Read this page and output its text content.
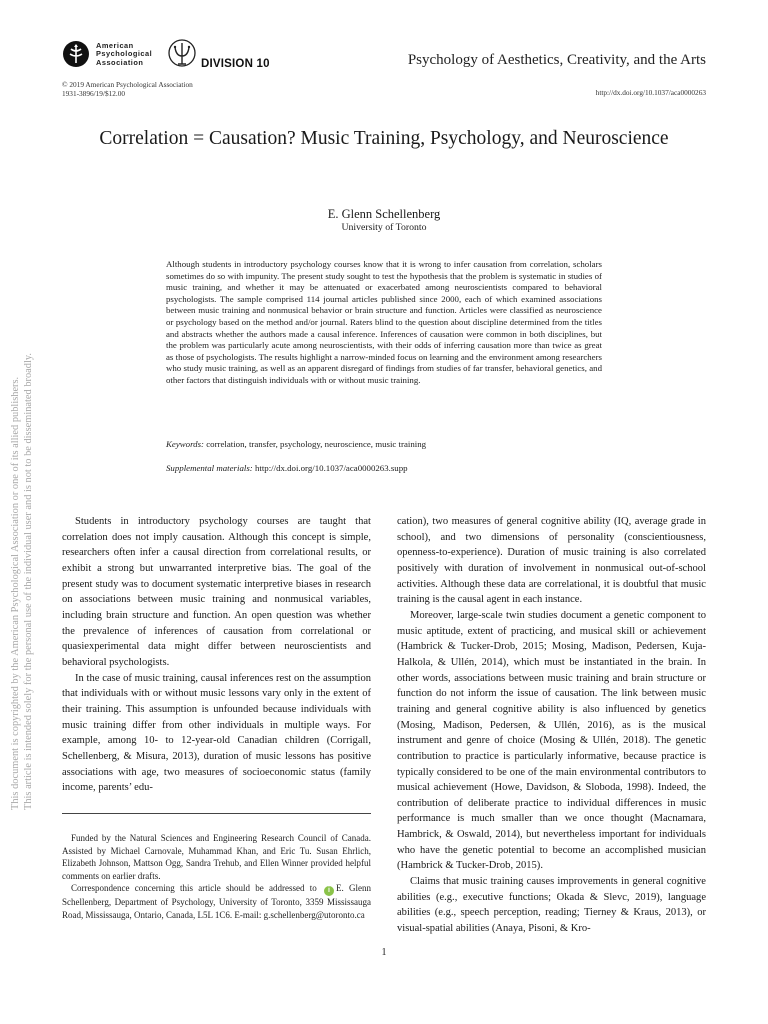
American
Psychological
Association	DIVISION 10	Psychology of Aesthetics, Creativity, and the Arts
© 2019 American Psychological Association
1931-3896/19/$12.00	http://dx.doi.org/10.1037/aca0000263
Correlation = Causation? Music Training, Psychology, and Neuroscience
E. Glenn Schellenberg
University of Toronto
Although students in introductory psychology courses know that it is wrong to infer causation from correlation, scholars sometimes do so with impunity. The present study sought to test the hypothesis that the problem is systematic in studies of music training, and whether it may be attenuated or exacerbated among neuroscientists compared to behavioral psychologists. The sample comprised 114 journal articles published since 2000, each of which examined associations between music training and nonmusical behavior or brain structure and function. Articles were classified as neuroscience or psychology based on the method and/or journal. Raters blind to the question about discipline determined from the titles and abstracts whether the authors made a causal inference. Inferences of causation were common in both disciplines, but the problem was particularly acute among neuroscientists, with their odds of inferring causation more than twice as great as those of psychologists. The results highlight a narrow-minded focus on learning and the environment among researchers who study music training, as well as an apparent disregard of findings from studies of far transfer, behavioral genetics, and other factors that distinguish individuals with or without music training.
Keywords: correlation, transfer, psychology, neuroscience, music training
Supplemental materials: http://dx.doi.org/10.1037/aca0000263.supp
This document is copyrighted by the American Psychological Association or one of its allied publishers. This article is intended solely for the personal use of the individual user and is not to be disseminated broadly.	Students in introductory psychology courses are taught that correlation does not imply causation. Although this concept is simple, researchers often infer a causal direction from correlational results, or exhibit a strong but unwarranted interpretive bias. The goal of the present study was to document systematic interpretive biases in research on associations between music training and nonmusical variables, including brain structure and function. An open question was whether the prevalence of inferences of causation from correlational or quasiexperimental data might differ between neuroscientists and behavioral psychologists.

In the case of music training, causal inferences rest on the assumption that individuals with or without music lessons vary only in the extent of their training. This assumption is unfounded because individuals with music training differ from other individuals in multiple ways. For example, among 10- to 12-year-old Canadian children (Corrigall, Schellenberg, & Misura, 2013), duration of music lessons has positive associations with age, two measures of socioeconomic status (family income, parents’ edu-

cation), two measures of general cognitive ability (IQ, average grade in school), and two dimensions of personality (conscientiousness, openness-to-experience). Duration of music training is also correlated positively with duration of involvement in nonmusical out-of-school activities. Although these data are correlational, it is doubtful that music training is the causal agent in each instance.

Moreover, large-scale twin studies document a genetic component to music aptitude, extent of practicing, and musical skill or achievement (Hambrick & Tucker-Drob, 2015; Mosing, Madison, Pedersen, Kuja-Halkola, & Ullén, 2014), which must be instantiated in the brain. In other words, associations between music training and brain structure or function do not inform the issue of causation. The link between music training and general cognitive ability is also influenced by genetics (Mosing, Madison, Pedersen, & Ullén, 2016), as is the musical instrument and genre of choice (Mosing & Ullén, 2018). The genetic contribution to practice is particularly informative, because practice is typically considered to be one of the main environmental contributors to musical achievement (Howe, Davidson, & Sloboda, 1998). Indeed, the contribution of deliberate practice to individual differences in music performance is much smaller than we once thought (Macnamara, Hambrick, & Oswald, 2014), but nevertheless important for individuals who have the genetic potential to become an accomplished musician (Hambrick & Tucker-Drob, 2015).

Claims that music training causes improvements in general cognitive abilities (e.g., executive functions; Okada & Slevc, 2019), language abilities (e.g., speech perception, reading; Tierney & Kraus, 2013), or visual-spatial abilities (Anaya, Pisoni, & Kro-

Funded by the Natural Sciences and Engineering Research Council of Canada. Assisted by Michael Carnovale, Muhammad Khan, and Eric Tu. Susan Ehrlich, Elizabeth Johnson, Mattson Ogg, Sandra Trehub, and Ellen Winner provided helpful comments on earlier drafts.

Correspondence concerning this article should be addressed to i E. Glenn Schellenberg, Department of Psychology, University of Toronto, 3359 Mississauga Road, Mississauga, Ontario, Canada, L5L 1C6. E-mail: g.schellenberg@utoronto.ca

1
